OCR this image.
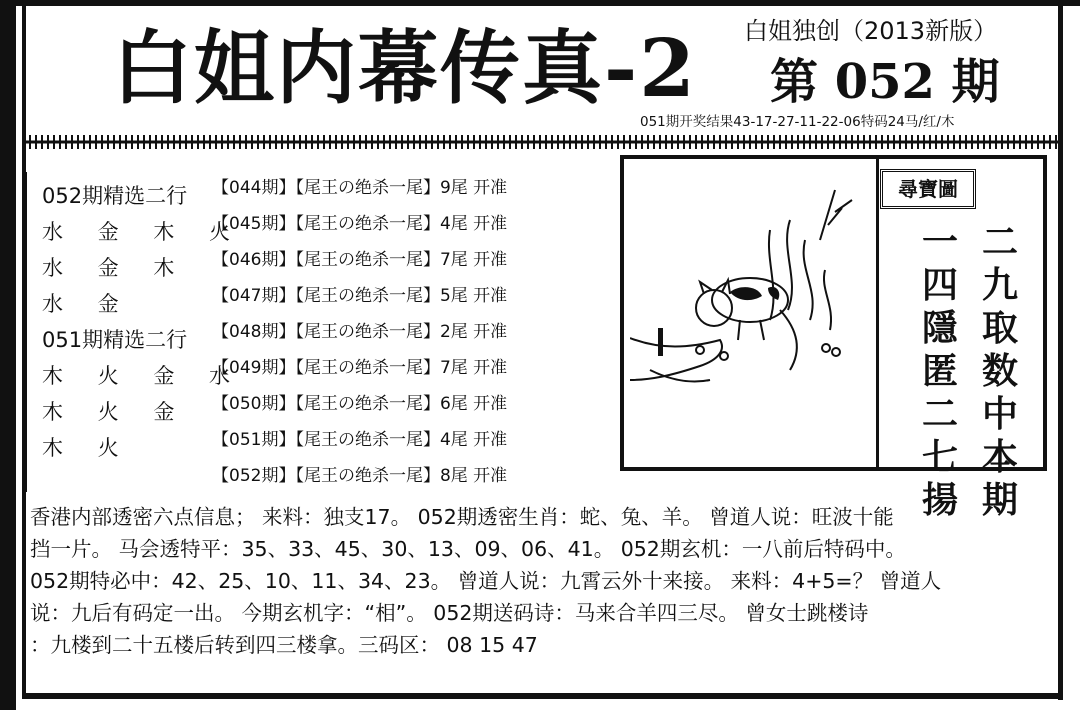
白姐内幕传真-2	白姐独创（2013新版）
第 052 期
051期开奖结果43-17-27-11-22-06特码24马/红/木
052期精选二行
水 金 木 火
水 金 木
水 金
051期精选二行
木 火 金 水
木 火 金
木 火
【044期】【尾王の绝杀一尾】9尾 开准
【045期】【尾王の绝杀一尾】4尾 开准
【046期】【尾王の绝杀一尾】7尾 开准
【047期】【尾王の绝杀一尾】5尾 开准
【048期】【尾王の绝杀一尾】2尾 开准
【049期】【尾王の绝杀一尾】7尾 开准
【050期】【尾王の绝杀一尾】6尾 开准
【051期】【尾王の绝杀一尾】4尾 开准
【052期】【尾王の绝杀一尾】8尾 开准
尋寶圖
二
九
取
数
中
本
期
一
四
隱
匿
二
七
揚
香港内部透密六点信息； 来料：独支17。 052期透密生肖：蛇、兔、羊。 曾道人说：旺波十能
挡一片。 马会透特平：35、33、45、30、13、09、06、41。 052期玄机：一八前后特码中。
052期特必中：42、25、10、11、34、23。 曾道人说：九霄云外十来接。 来料：4+5=？ 曾道人
说：九后有码定一出。 今期玄机字：“相”。 052期送码诗：马来合羊四三尽。 曾女士跳楼诗
：九楼到二十五楼后转到四三楼拿。三码区： 08 15 47
